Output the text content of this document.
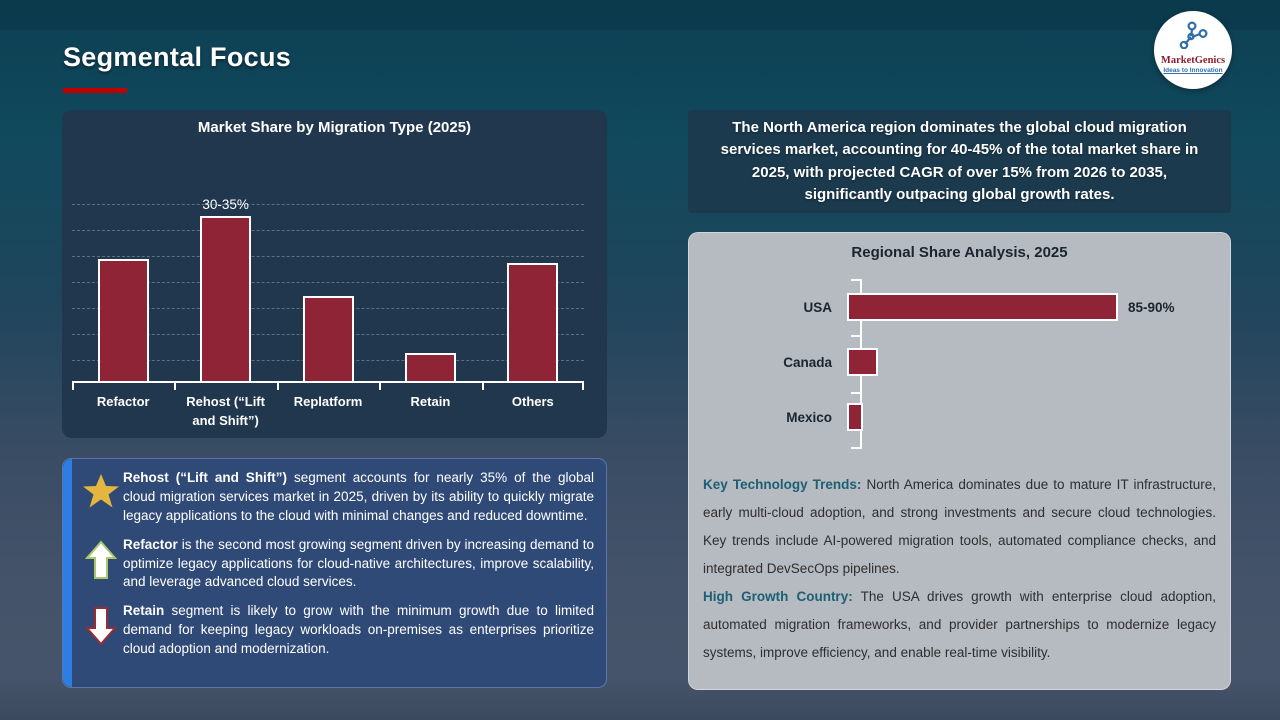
Segmental Focus	MarketGenics
Ideas to Innovation
Market Share by Migration Type (2025)
30-35%
Refactor	Rehost (“Lift and Shift”)
Replatform	Retain	Others
Rehost (“Lift and Shift”) segment accounts for nearly 35% of the global cloud migration services market in 2025, driven by its ability to quickly migrate legacy applications to the cloud with minimal changes and reduced downtime.
Refactor is the second most growing segment driven by increasing demand to optimize legacy applications for cloud-native architectures, improve scalability, and leverage advanced cloud services.
Retain segment is likely to grow with the minimum growth due to limited demand for keeping legacy workloads on-premises as enterprises prioritize cloud adoption and modernization.
The North America region dominates the global cloud migration services market, accounting for 40-45% of the total market share in 2025, with projected CAGR of over 15% from 2026 to 2035, significantly outpacing global growth rates.
Regional Share Analysis, 2025
USA	85-90%
Canada
Mexico
Key Technology Trends: North America dominates due to mature IT infrastructure, early multi-cloud adoption, and strong investments and secure cloud technologies. Key trends include AI-powered migration tools, automated compliance checks, and integrated DevSecOps pipelines.
High Growth Country: The USA drives growth with enterprise cloud adoption, automated migration frameworks, and provider partnerships to modernize legacy systems, improve efficiency, and enable real-time visibility.
